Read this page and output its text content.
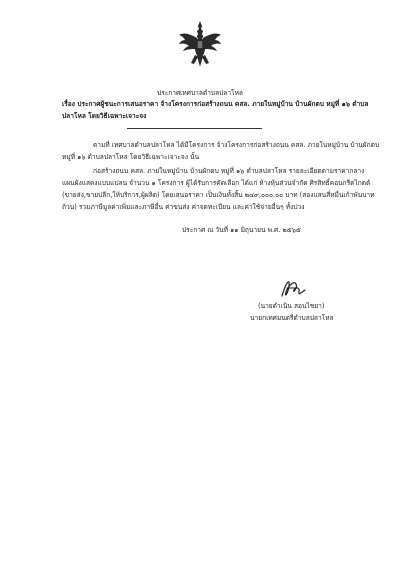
ประกาศเทศบาลตำบลปลาโหล
เรื่อง ประกาศผู้ชนะการเสนอราคา จ้างโครงการก่อสร้างถนน คสล. ภายในหมู่บ้าน บ้านผักตบ หมู่ที่ ๑๖ ตำบล
ปลาโหล โดยวิธีเฉพาะเจาะจง
ตามที่ เทศบาลตำบลปลาโหล ได้มีโครงการ จ้างโครงการก่อสร้างถนน คสล. ภายในหมู่บ้าน บ้านผักตบ
หมู่ที่ ๑๖ ตำบลปลาโหล โดยวิธีเฉพาะเจาะจง นั้น
ก่อสร้างถนน คสล. ภายในหมู่บ้าน บ้านผักตบ หมู่ที่ ๑๖ ตำบลปลาโหล รายละเอียดตามราคากลาง
แผนผังแสดงแบบแปลน จำนวน ๑ โครงการ ผู้ได้รับการคัดเลือก ได้แก่ ห้างหุ้นส่วนจำกัด ศิรสิทธิ์คอนกรีตไกดต์
(ขายส่ง,ขายปลีก,ให้บริการ,ผู้ผลิต) โดยเสนอราคา เป็นเงินทั้งสิ้น ๒๔๙,๐๐๐.๐๐ บาท (สองแสนสี่หมื่นเก้าพันบาท
ถ้วน) รวมภาษีมูลค่าเพิ่มและภาษีอื่น ค่าขนส่ง ค่าจดทะเบียน และค่าใช้จ่ายอื่นๆ ทั้งปวง
ประกาศ ณ วันที่ ๑๑ มิถุนายน พ.ศ. ๒๕๖๕
(นายดำเนิน สอนไชยา)
นายกเทศมนตรีตำบลปลาโหล
